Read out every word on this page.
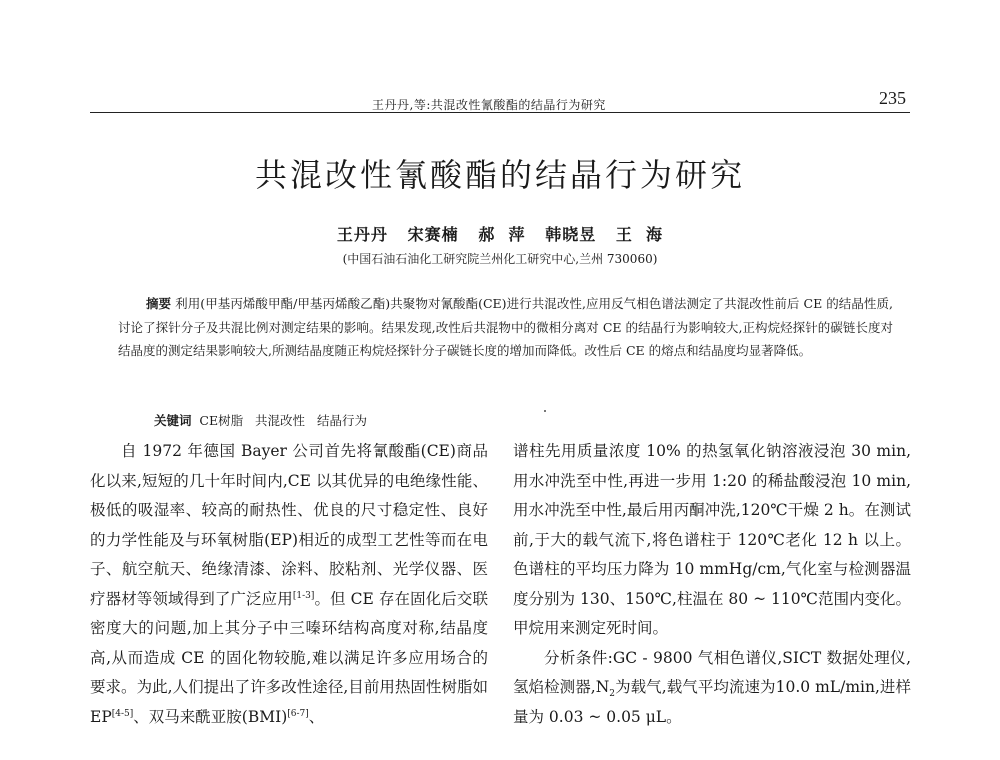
王丹丹,等:共混改性氰酸酯的结晶行为研究	235
共混改性氰酸酯的结晶行为研究
王丹丹   宋赛楠   郝  萍   韩晓昱   王  海
(中国石油石油化工研究院兰州化工研究中心,兰州 730060)
摘要 利用(甲基丙烯酸甲酯/甲基丙烯酸乙酯)共聚物对氰酸酯(CE)进行共混改性,应用反气相色谱法测定了共混改性前后 CE 的结晶性质,讨论了探针分子及共混比例对测定结果的影响。结果发现,改性后共混物中的微相分离对 CE 的结晶行为影响较大,正构烷烃探针的碳链长度对结晶度的测定结果影响较大,所测结晶度随正构烷烃探针分子碳链长度的增加而降低。改性后 CE 的熔点和结晶度均显著降低。

关键词  CE树脂   共混改性   结晶行为

自 1972 年德国 Bayer 公司首先将氰酸酯(CE)商品化以来,短短的几十年时间内,CE 以其优异的电绝缘性能、极低的吸湿率、较高的耐热性、优良的尺寸稳定性、良好的力学性能及与环氧树脂(EP)相近的成型工艺性等而在电子、航空航天、绝缘清漆、涂料、胶粘剂、光学仪器、医疗器材等领域得到了广泛应用[1-3]。但 CE 存在固化后交联密度大的问题,加上其分子中三嗪环结构高度对称,结晶度高,从而造成 CE 的固化物较脆,难以满足许多应用场合的要求。为此,人们提出了许多改性途径,目前用热固性树脂如 EP[4-5]、双马来酰亚胺(BMI)[6-7]、

谱柱先用质量浓度 10% 的热氢氧化钠溶液浸泡 30 min,用水冲洗至中性,再进一步用 1:20 的稀盐酸浸泡 10 min,用水冲洗至中性,最后用丙酮冲洗,120℃干燥 2 h。在测试前,于大的载气流下,将色谱柱于 120℃老化 12 h 以上。色谱柱的平均压力降为 10 mmHg/cm,气化室与检测器温度分别为 130、150℃,柱温在 80 ~ 110℃范围内变化。甲烷用来测定死时间。

分析条件:GC - 9800 气相色谱仪,SICT 数据处理仪,氢焰检测器$,N_2$为载气,载气平均流速为10.0 mL/min,进样量为 0.03 ~ 0.05 μL。
